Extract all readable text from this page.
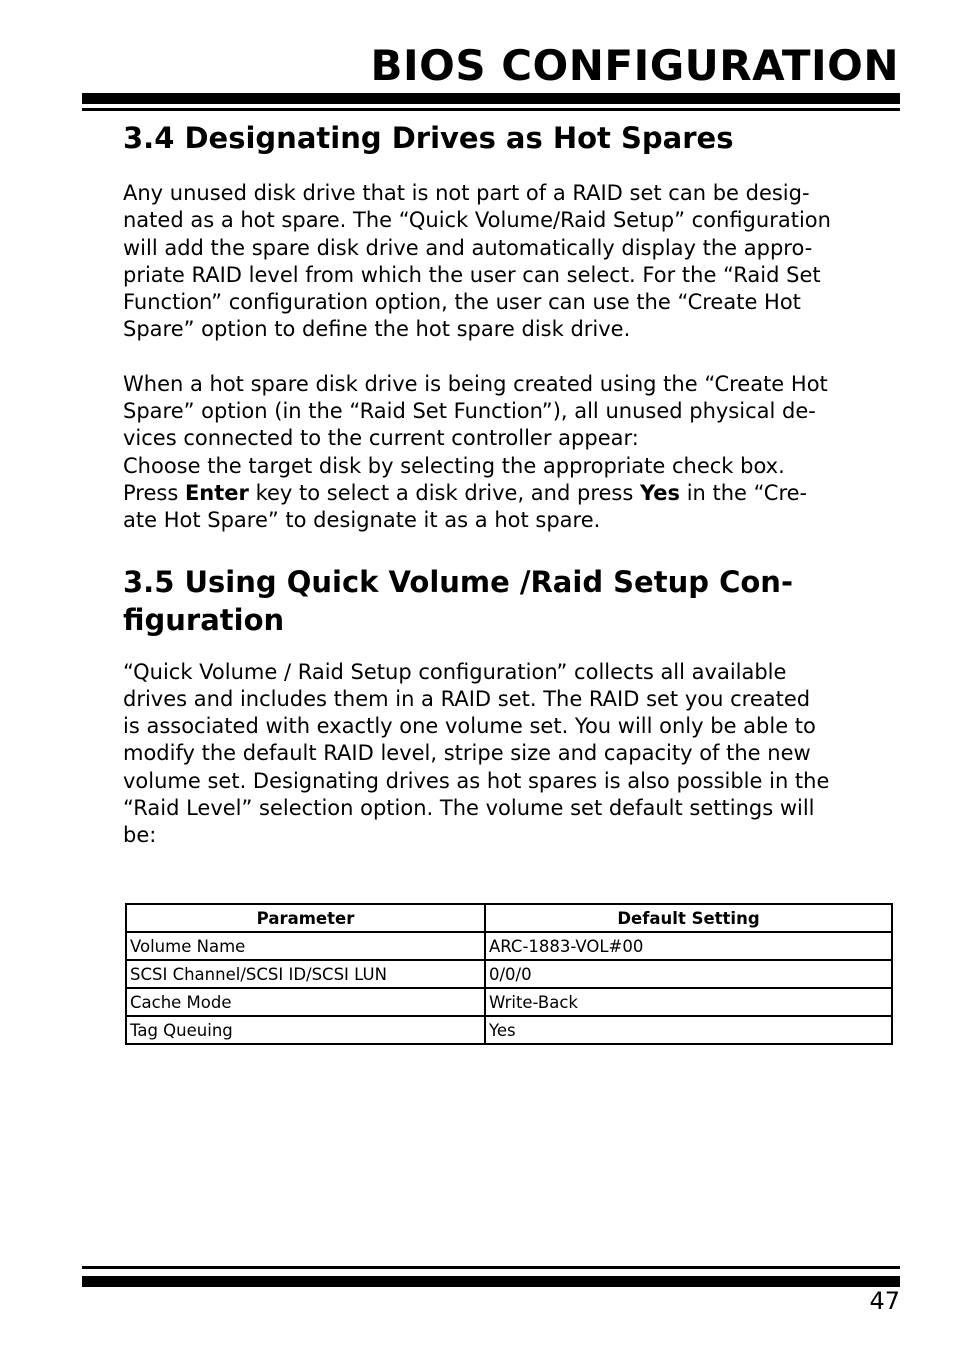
BIOS CONFIGURATION
3.4 Designating Drives as Hot Spares

Any unused disk drive that is not part of a RAID set can be desig-
nated as a hot spare. The “Quick Volume/Raid Setup” configuration
will add the spare disk drive and automatically display the appro-
priate RAID level from which the user can select. For the “Raid Set
Function” configuration option, the user can use the “Create Hot
Spare” option to define the hot spare disk drive.

When a hot spare disk drive is being created using the “Create Hot
Spare” option (in the “Raid Set Function”), all unused physical de-
vices connected to the current controller appear:
Choose the target disk by selecting the appropriate check box.
Press Enter key to select a disk drive, and press Yes in the “Cre-
ate Hot Spare” to designate it as a hot spare.

3.5 Using Quick Volume /Raid Setup Con-
figuration

“Quick Volume / Raid Setup configuration” collects all available
drives and includes them in a RAID set. The RAID set you created
is associated with exactly one volume set. You will only be able to
modify the default RAID level, stripe size and capacity of the new
volume set. Designating drives as hot spares is also possible in the
“Raid Level” selection option. The volume set default settings will
be:

Parameter	Default Setting
Volume Name	ARC-1883-VOL#00
SCSI Channel/SCSI ID/SCSI LUN	0/0/0
Cache Mode	Write-Back
Tag Queuing	Yes
47
